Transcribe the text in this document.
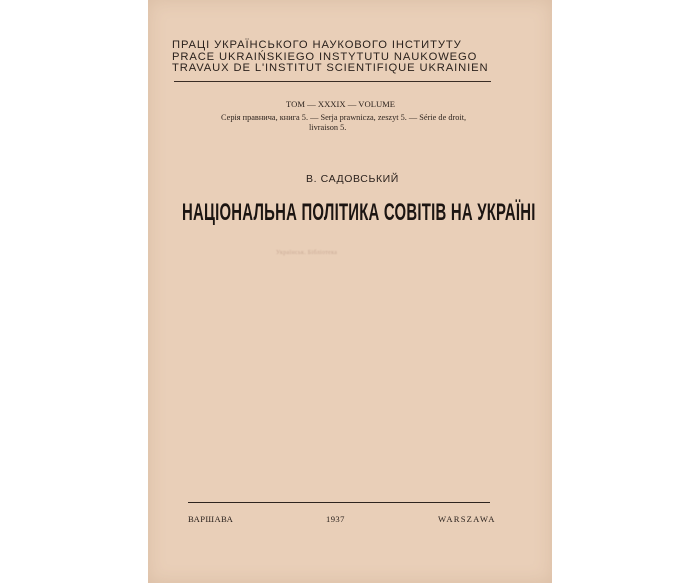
ПРАЦІ УКРАЇНСЬКОГО НАУКОВОГО ІНСТИТУТУ
PRACE UKRAIŃSKIEGO INSTYTUTU NAUKOWEGO
TRAVAUX DE L'INSTITUT SCIENTIFIQUE UKRAINIEN
ТОМ — XXXIX — VOLUME
Серія правнича, книга 5. — Serja prawnicza, zeszyt 5. — Série de droit,
livraison 5.
В. САДОВСЬКИЙ
НАЦІОНАЛЬНА ПОЛІТИКА СОВІТІВ НА УКРАЇНІ
Українськ. Бібліотека
ВАРШАВА	1937	WARSZAWA
